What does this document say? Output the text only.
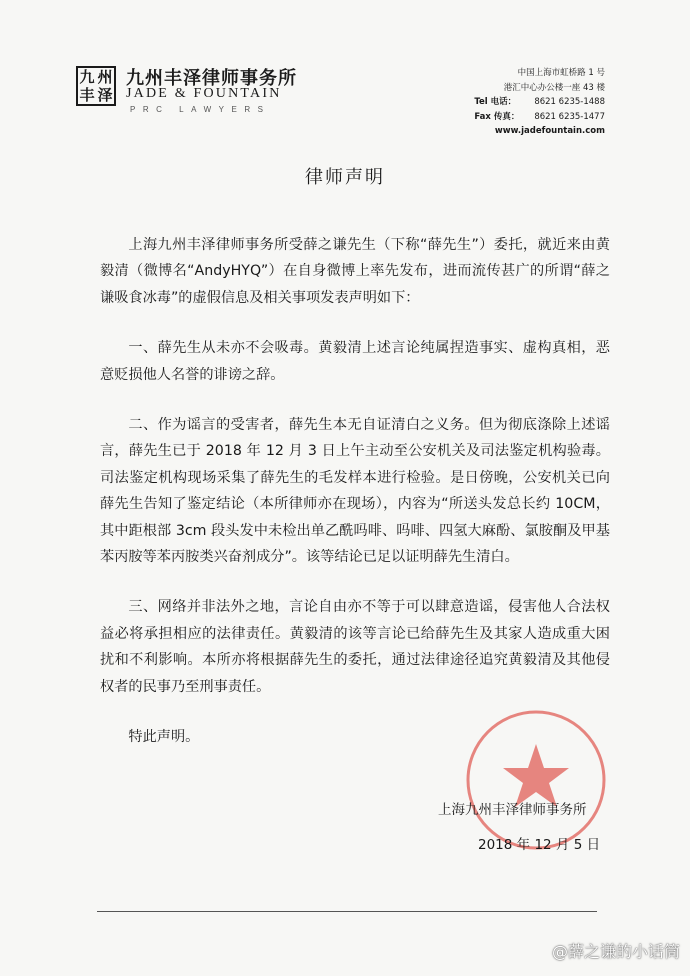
九 州
丰 泽
九州丰泽律师事务所
JADE & FOUNTAIN
PRC LAWYERS
中国上海市虹桥路 1 号
港汇中心办公楼一座 43 楼
Tel 电话： 8621 6235-1488
Fax 传真： 8621 6235-1477
www.jadefountain.com
律师声明

上海九州丰泽律师事务所受薛之谦先生（下称“薛先生”）委托，就近来由黄毅清（微博名“AndyHYQ”）在自身微博上率先发布，进而流传甚广的所谓“薛之谦吸食冰毒”的虚假信息及相关事项发表声明如下：

一、薛先生从未亦不会吸毒。黄毅清上述言论纯属捏造事实、虚构真相，恶意贬损他人名誉的诽谤之辞。

二、作为谣言的受害者，薛先生本无自证清白之义务。但为彻底涤除上述谣言，薛先生已于 2018 年 12 月 3 日上午主动至公安机关及司法鉴定机构验毒。司法鉴定机构现场采集了薛先生的毛发样本进行检验。是日傍晚，公安机关已向薛先生告知了鉴定结论（本所律师亦在现场），内容为“所送头发总长约 10CM，其中距根部 3cm 段头发中未检出单乙酰吗啡、吗啡、四氢大麻酚、氯胺酮及甲基苯丙胺等苯丙胺类兴奋剂成分”。该等结论已足以证明薛先生清白。

三、网络并非法外之地，言论自由亦不等于可以肆意造谣，侵害他人合法权益必将承担相应的法律责任。黄毅清的该等言论已给薛先生及其家人造成重大困扰和不利影响。本所亦将根据薛先生的委托，通过法律途径追究黄毅清及其他侵权者的民事乃至刑事责任。

特此声明。

上海九州丰泽律师事务所
2018 年 12 月 5 日
@薛之谦的小话筒
